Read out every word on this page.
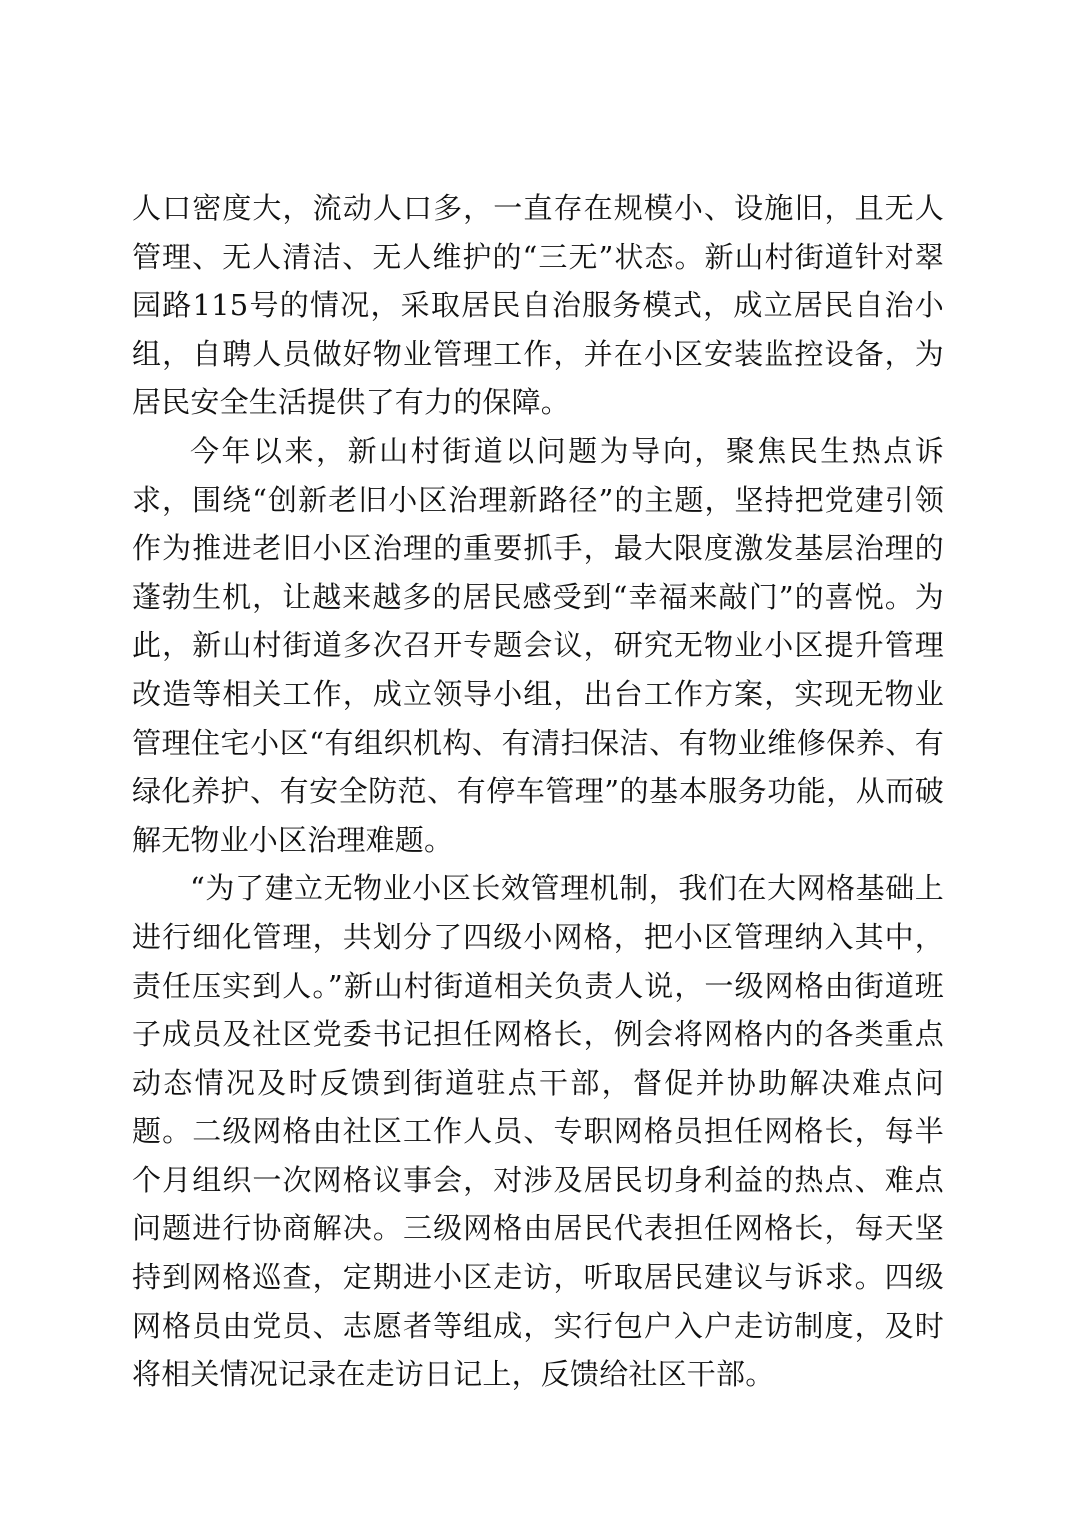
人口密度大，流动人口多，一直存在规模小、设施旧，且无人管理、无人清洁、无人维护的“三无”状态。新山村街道针对翠园路115号的情况，采取居民自治服务模式，成立居民自治小组，自聘人员做好物业管理工作，并在小区安装监控设备，为居民安全生活提供了有力的保障。

今年以来，新山村街道以问题为导向，聚焦民生热点诉求，围绕“创新老旧小区治理新路径”的主题，坚持把党建引领作为推进老旧小区治理的重要抓手，最大限度激发基层治理的蓬勃生机，让越来越多的居民感受到“幸福来敲门”的喜悦。为此，新山村街道多次召开专题会议，研究无物业小区提升管理改造等相关工作，成立领导小组，出台工作方案，实现无物业管理住宅小区“有组织机构、有清扫保洁、有物业维修保养、有绿化养护、有安全防范、有停车管理”的基本服务功能，从而破解无物业小区治理难题。

“为了建立无物业小区长效管理机制，我们在大网格基础上进行细化管理，共划分了四级小网格，把小区管理纳入其中，责任压实到人。”新山村街道相关负责人说，一级网格由街道班子成员及社区党委书记担任网格长，例会将网格内的各类重点动态情况及时反馈到街道驻点干部，督促并协助解决难点问题。二级网格由社区工作人员、专职网格员担任网格长，每半个月组织一次网格议事会，对涉及居民切身利益的热点、难点问题进行协商解决。三级网格由居民代表担任网格长，每天坚持到网格巡查，定期进小区走访，听取居民建议与诉求。四级网格员由党员、志愿者等组成，实行包户入户走访制度，及时将相关情况记录在走访日记上，反馈给社区干部。
